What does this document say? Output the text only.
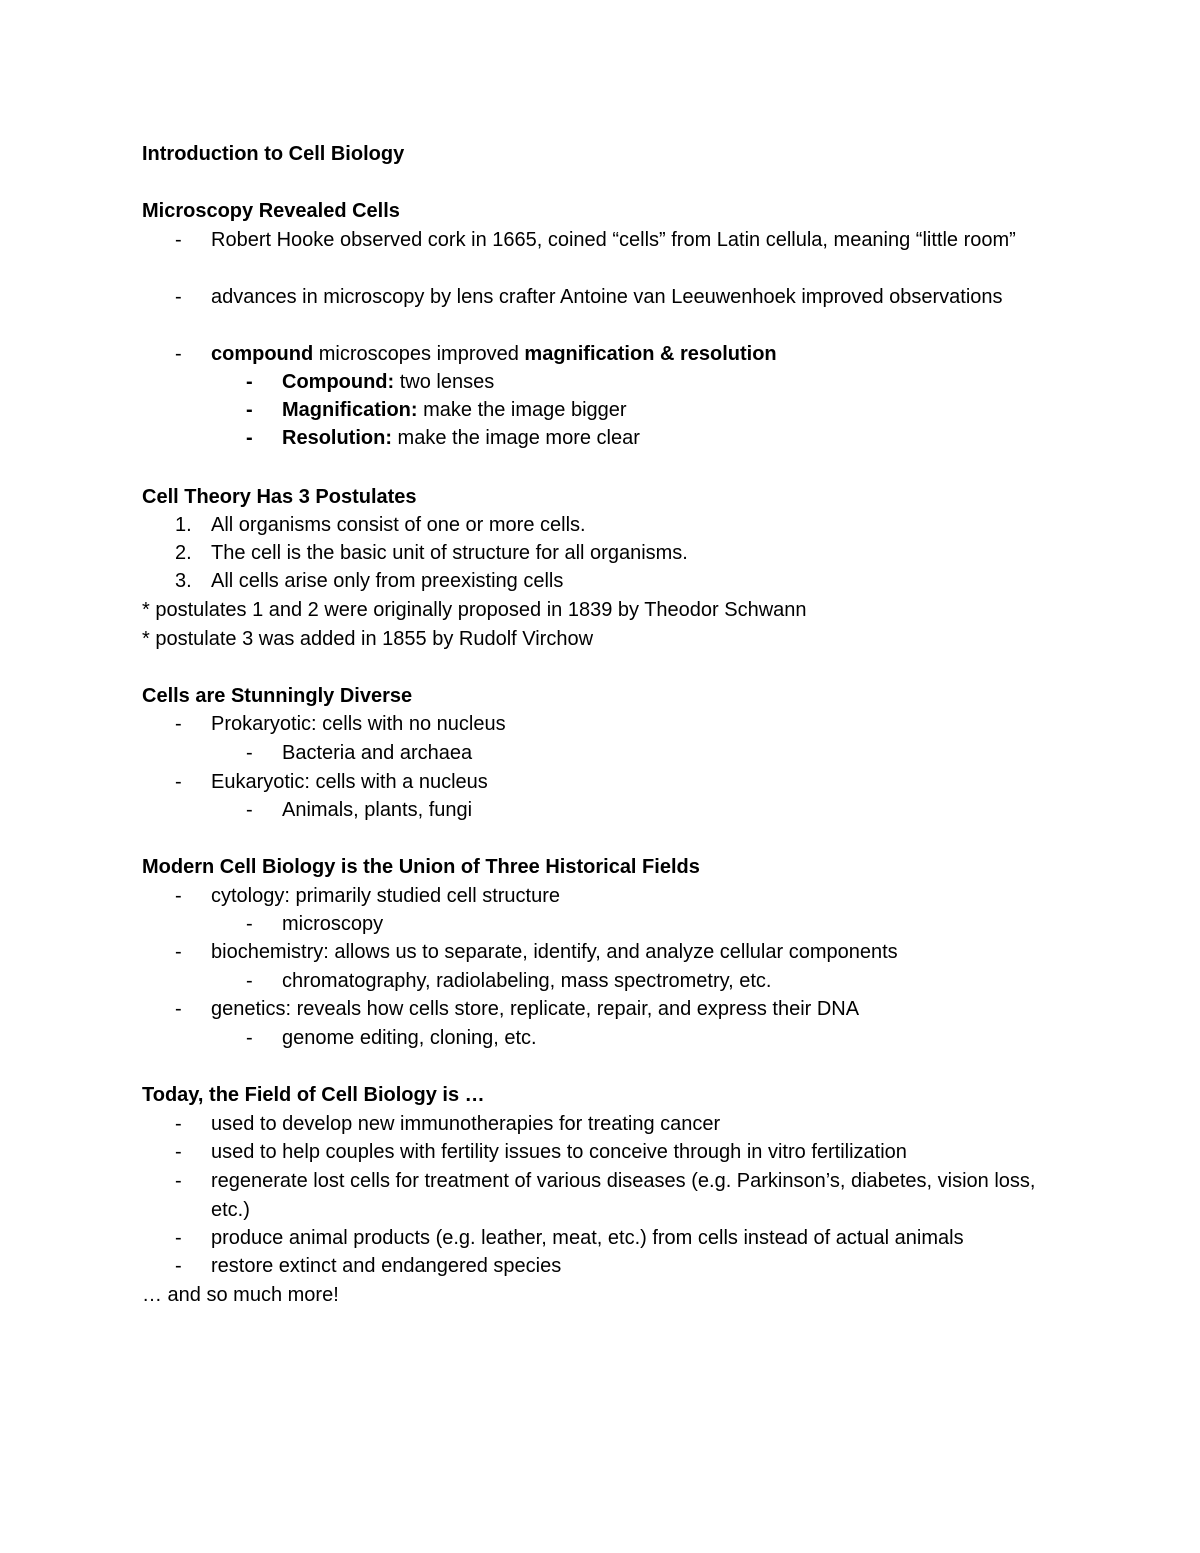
Introduction to Cell Biology
Microscopy Revealed Cells
- Robert Hooke observed cork in 1665, coined “cells” from Latin cellula, meaning “little room”
- advances in microscopy by lens crafter Antoine van Leeuwenhoek improved observations
- compound microscopes improved magnification & resolution
- Compound: two lenses
- Magnification: make the image bigger
- Resolution: make the image more clear
Cell Theory Has 3 Postulates
1. All organisms consist of one or more cells.
2. The cell is the basic unit of structure for all organisms.
3. All cells arise only from preexisting cells
* postulates 1 and 2 were originally proposed in 1839 by Theodor Schwann
* postulate 3 was added in 1855 by Rudolf Virchow
Cells are Stunningly Diverse
- Prokaryotic: cells with no nucleus
- Bacteria and archaea
- Eukaryotic: cells with a nucleus
- Animals, plants, fungi
Modern Cell Biology is the Union of Three Historical Fields
- cytology: primarily studied cell structure
- microscopy
- biochemistry: allows us to separate, identify, and analyze cellular components
- chromatography, radiolabeling, mass spectrometry, etc.
- genetics: reveals how cells store, replicate, repair, and express their DNA
- genome editing, cloning, etc.
Today, the Field of Cell Biology is …
- used to develop new immunotherapies for treating cancer
- used to help couples with fertility issues to conceive through in vitro fertilization
- regenerate lost cells for treatment of various diseases (e.g. Parkinson’s, diabetes, vision loss, etc.)
- produce animal products (e.g. leather, meat, etc.) from cells instead of actual animals
- restore extinct and endangered species
… and so much more!
